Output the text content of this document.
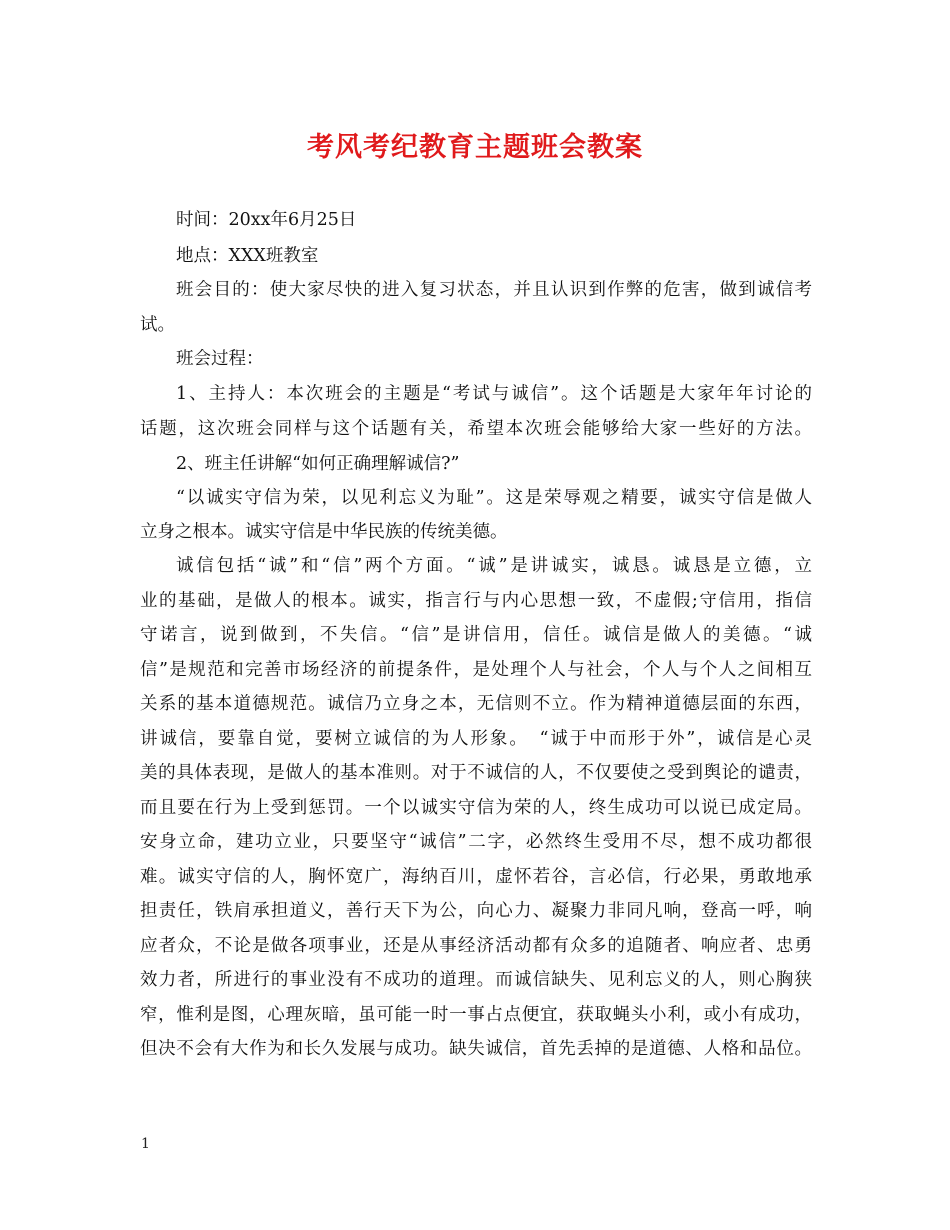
考风考纪教育主题班会教案
时间：20xx年6月25日
地点：XXX班教室
班会目的：使大家尽快的进入复习状态，并且认识到作弊的危害，做到诚信考
试。
班会过程：
1、主持人：本次班会的主题是“考试与诚信”。这个话题是大家年年讨论的
话题，这次班会同样与这个话题有关，希望本次班会能够给大家一些好的方法。
2、班主任讲解“如何正确理解诚信?”
“以诚实守信为荣，以见利忘义为耻”。这是荣辱观之精要，诚实守信是做人
立身之根本。诚实守信是中华民族的传统美德。
诚信包括“诚”和“信”两个方面。“诚”是讲诚实，诚恳。诚恳是立德，立
业的基础，是做人的根本。诚实，指言行与内心思想一致，不虚假;守信用，指信
守诺言，说到做到，不失信。“信”是讲信用，信任。诚信是做人的美德。“诚
信”是规范和完善市场经济的前提条件，是处理个人与社会，个人与个人之间相互
关系的基本道德规范。诚信乃立身之本，无信则不立。作为精神道德层面的东西，
讲诚信，要靠自觉，要树立诚信的为人形象。　“诚于中而形于外”，诚信是心灵
美的具体表现，是做人的基本准则。对于不诚信的人，不仅要使之受到舆论的谴责，
而且要在行为上受到惩罚。一个以诚实守信为荣的人，终生成功可以说已成定局。
安身立命，建功立业，只要坚守“诚信”二字，必然终生受用不尽，想不成功都很
难。诚实守信的人，胸怀宽广，海纳百川，虚怀若谷，言必信，行必果，勇敢地承
担责任，铁肩承担道义，善行天下为公，向心力、凝聚力非同凡响，登高一呼，响
应者众，不论是做各项事业，还是从事经济活动都有众多的追随者、响应者、忠勇
效力者，所进行的事业没有不成功的道理。而诚信缺失、见利忘义的人，则心胸狭
窄，惟利是图，心理灰暗，虽可能一时一事占点便宜，获取蝇头小利，或小有成功，
但决不会有大作为和长久发展与成功。缺失诚信，首先丢掉的是道德、人格和品位。
1
